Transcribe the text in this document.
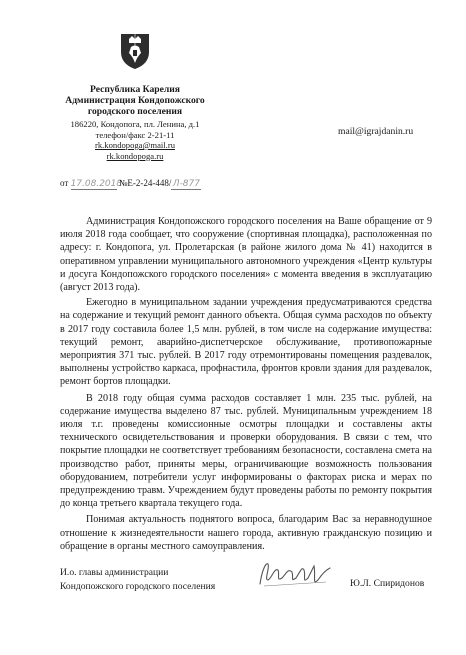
Республика Карелия
Администрация Кондопожского
городского поселения
186220, Кондопога, пл. Ленина, д.1
телефон/факс 2-21-11
rk.kondopoga@mail.ru
rk.kondopoga.ru
mail@igrajdanin.ru
от 17.08.2018 №Е-2-24-448/Л-877

Администрация Кондопожского городского поселения на Ваше обращение от 9 июля 2018 года сообщает, что сооружение (спортивная площадка), расположенная по адресу: г. Кондопога, ул. Пролетарская (в районе жилого дома № 41) находится в оперативном управлении муниципального автономного учреждения «Центр культуры и досуга Кондопожского городского поселения» с момента введения в эксплуатацию (август 2013 года).

Ежегодно в муниципальном задании учреждения предусматриваются средства на содержание и текущий ремонт данного объекта. Общая сумма расходов по объекту в 2017 году составила более 1,5 млн. рублей, в том числе на содержание имущества: текущий ремонт, аварийно-диспетчерское обслуживание, противопожарные мероприятия 371 тыс. рублей. В 2017 году отремонтированы помещения раздевалок, выполнены устройство каркаса, профнастила, фронтов кровли здания для раздевалок, ремонт бортов площадки.

В 2018 году общая сумма расходов составляет 1 млн. 235 тыс. рублей, на содержание имущества выделено 87 тыс. рублей. Муниципальным учреждением 18 июля т.г. проведены комиссионные осмотры площадки и составлены акты технического освидетельствования и проверки оборудования. В связи с тем, что покрытие площадки не соответствует требованиям безопасности, составлена смета на производство работ, приняты меры, ограничивающие возможность пользования оборудованием, потребители услуг информированы о факторах риска и мерах по предупреждению травм. Учреждением будут проведены работы по ремонту покрытия до конца третьего квартала текущего года.

Понимая актуальность поднятого вопроса, благодарим Вас за неравнодушное отношение к жизнедеятельности нашего города, активную гражданскую позицию и обращение в органы местного самоуправления.

И.о. главы администрации
Кондопожского городского поселения	Ю.Л. Спиридонов
